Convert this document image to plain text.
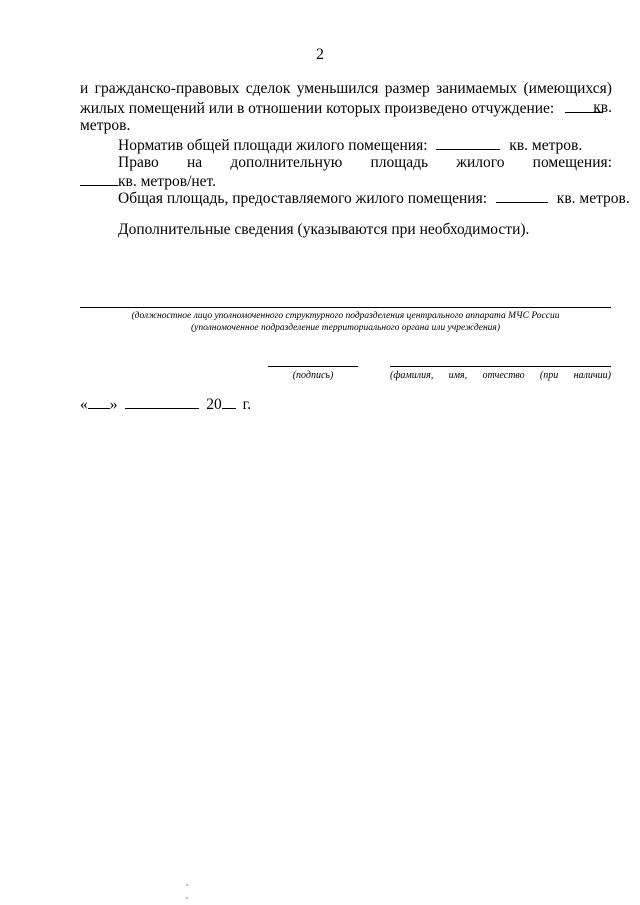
2
и гражданско-правовых сделок уменьшился размер занимаемых (имеющихся)
жилых помещений или в отношении которых произведено отчуждение:	кв.
метров.
Норматив общей площади жилого помещения:	кв. метров.
Право на дополнительную площадь жилого помещения:
кв. метров/нет.
Общая площадь, предоставляемого жилого помещения:	кв. метров.
Дополнительные сведения (указываются при необходимости).
(должностное лицо уполномоченного структурного подразделения центрального аппарата МЧС России
(уполномоченное подразделение территориального органа или учреждения)
(подпись)	(фамилия, имя, отчество (при наличии)
« »	20 г.
